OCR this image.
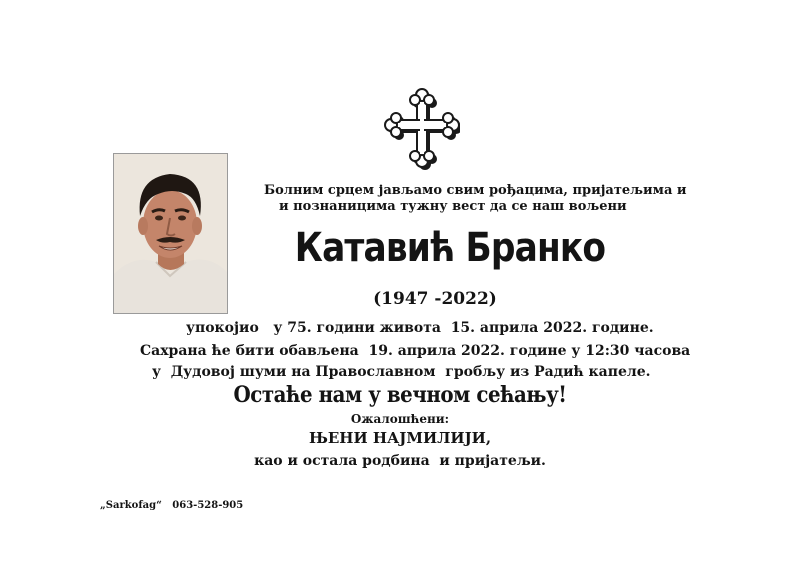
Болним срцем јављамо свим рођацима, пријатељима и
и познаницима тужну вест да се наш вољени
Катавић Бранко
(1947 -2022)
упокојио   у 75. години живота  15. априла 2022. године.
Сахрана ће бити обављена  19. априла 2022. године у 12:30 часова
у  Дудовој шуми на Православном  гробљу из Радић капеле.
Остаће нам у вечном сећању!
Ожалошћени:
ЊЕНИ НАЈМИЛИЈИ,
као и остала родбина  и пријатељи.
„Sarkofag“   063-528-905
